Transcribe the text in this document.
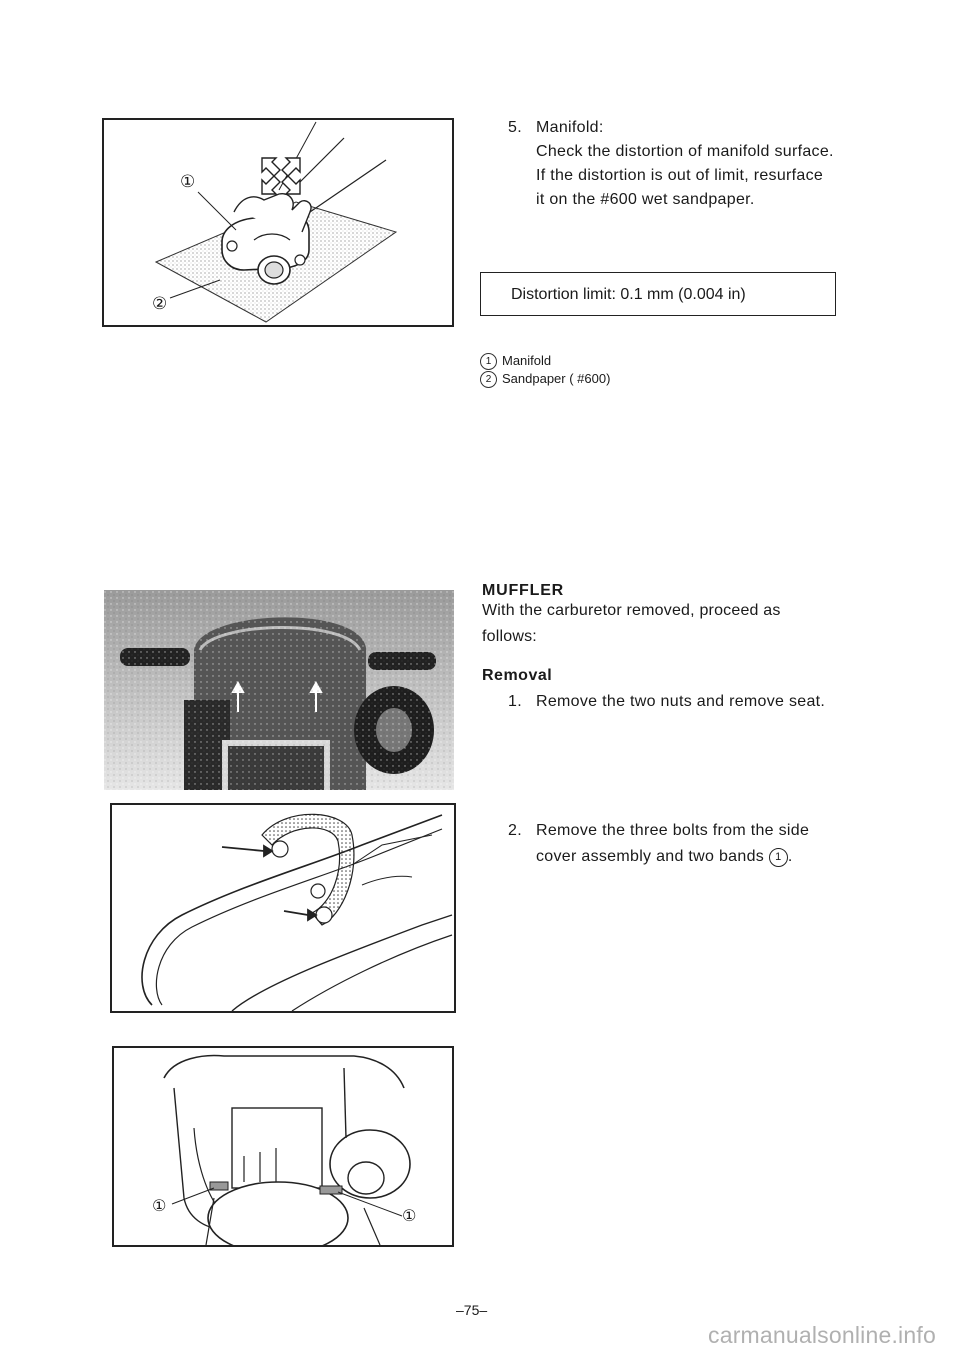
①
②
5. Manifold:
Check the distortion of manifold surface.
If the distortion is out of limit, resurface
it on the #600 wet sandpaper.
Distortion limit: 0.1 mm (0.004 in)
1 Manifold
2 Sandpaper ( #600)
①
①
MUFFLER
With the carburetor removed, proceed as
follows:
Removal
1. Remove the two nuts and remove seat.
2. Remove the three bolts from the side
cover assembly and two bands 1 .
–75–
carmanualsonline.info
